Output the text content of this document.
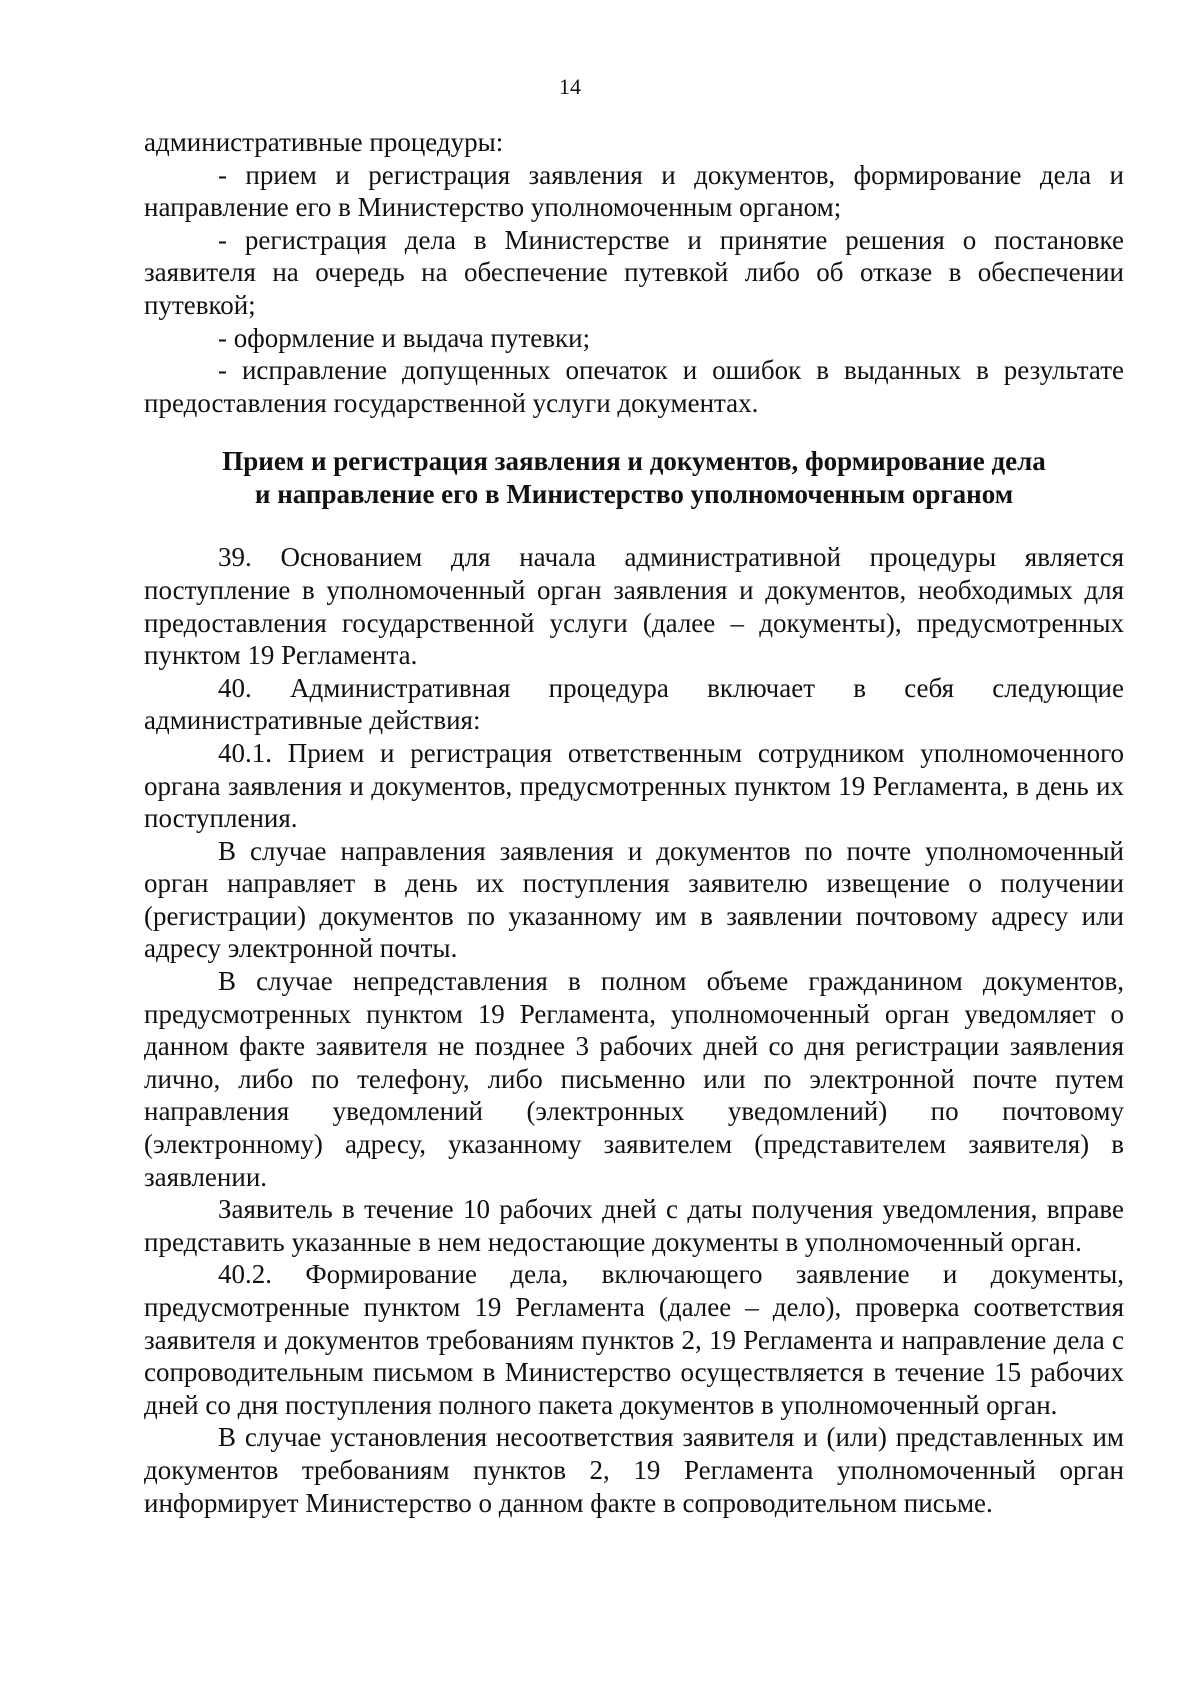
14

административные процедуры:

- прием и регистрация заявления и документов, формирование дела и направление его в Министерство уполномоченным органом;

- регистрация дела в Министерстве и принятие решения о постановке заявителя на очередь на обеспечение путевкой либо об отказе в обеспечении путевкой;

- оформление и выдача путевки;

- исправление допущенных опечаток и ошибок в выданных в результате предоставления государственной услуги документах.

Прием и регистрация заявления и документов, формирование дела
и направление его в Министерство уполномоченным органом

39. Основанием для начала административной процедуры является поступление в уполномоченный орган заявления и документов, необходимых для предоставления государственной услуги (далее – документы), предусмотренных пунктом 19 Регламента.

40. Административная процедура включает в себя следующие административные действия:

40.1. Прием и регистрация ответственным сотрудником уполномоченного органа заявления и документов, предусмотренных пунктом 19 Регламента, в день их поступления.

В случае направления заявления и документов по почте уполномоченный орган направляет в день их поступления заявителю извещение о получении (регистрации) документов по указанному им в заявлении почтовому адресу или адресу электронной почты.

В случае непредставления в полном объеме гражданином документов, предусмотренных пунктом 19 Регламента, уполномоченный орган уведомляет о данном факте заявителя не позднее 3 рабочих дней со дня регистрации заявления лично, либо по телефону, либо письменно или по электронной почте путем направления уведомлений (электронных уведомлений) по почтовому (электронному) адресу, указанному заявителем (представителем заявителя) в заявлении.

Заявитель в течение 10 рабочих дней с даты получения уведомления, вправе представить указанные в нем недостающие документы в уполномоченный орган.

40.2. Формирование дела, включающего заявление и документы, предусмотренные пунктом 19 Регламента (далее – дело), проверка соответствия заявителя и документов требованиям пунктов 2, 19 Регламента и направление дела с сопроводительным письмом в Министерство осуществляется в течение 15 рабочих дней со дня поступления полного пакета документов в уполномоченный орган.

В случае установления несоответствия заявителя и (или) представленных им документов требованиям пунктов 2, 19 Регламента уполномоченный орган информирует Министерство о данном факте в сопроводительном письме.
